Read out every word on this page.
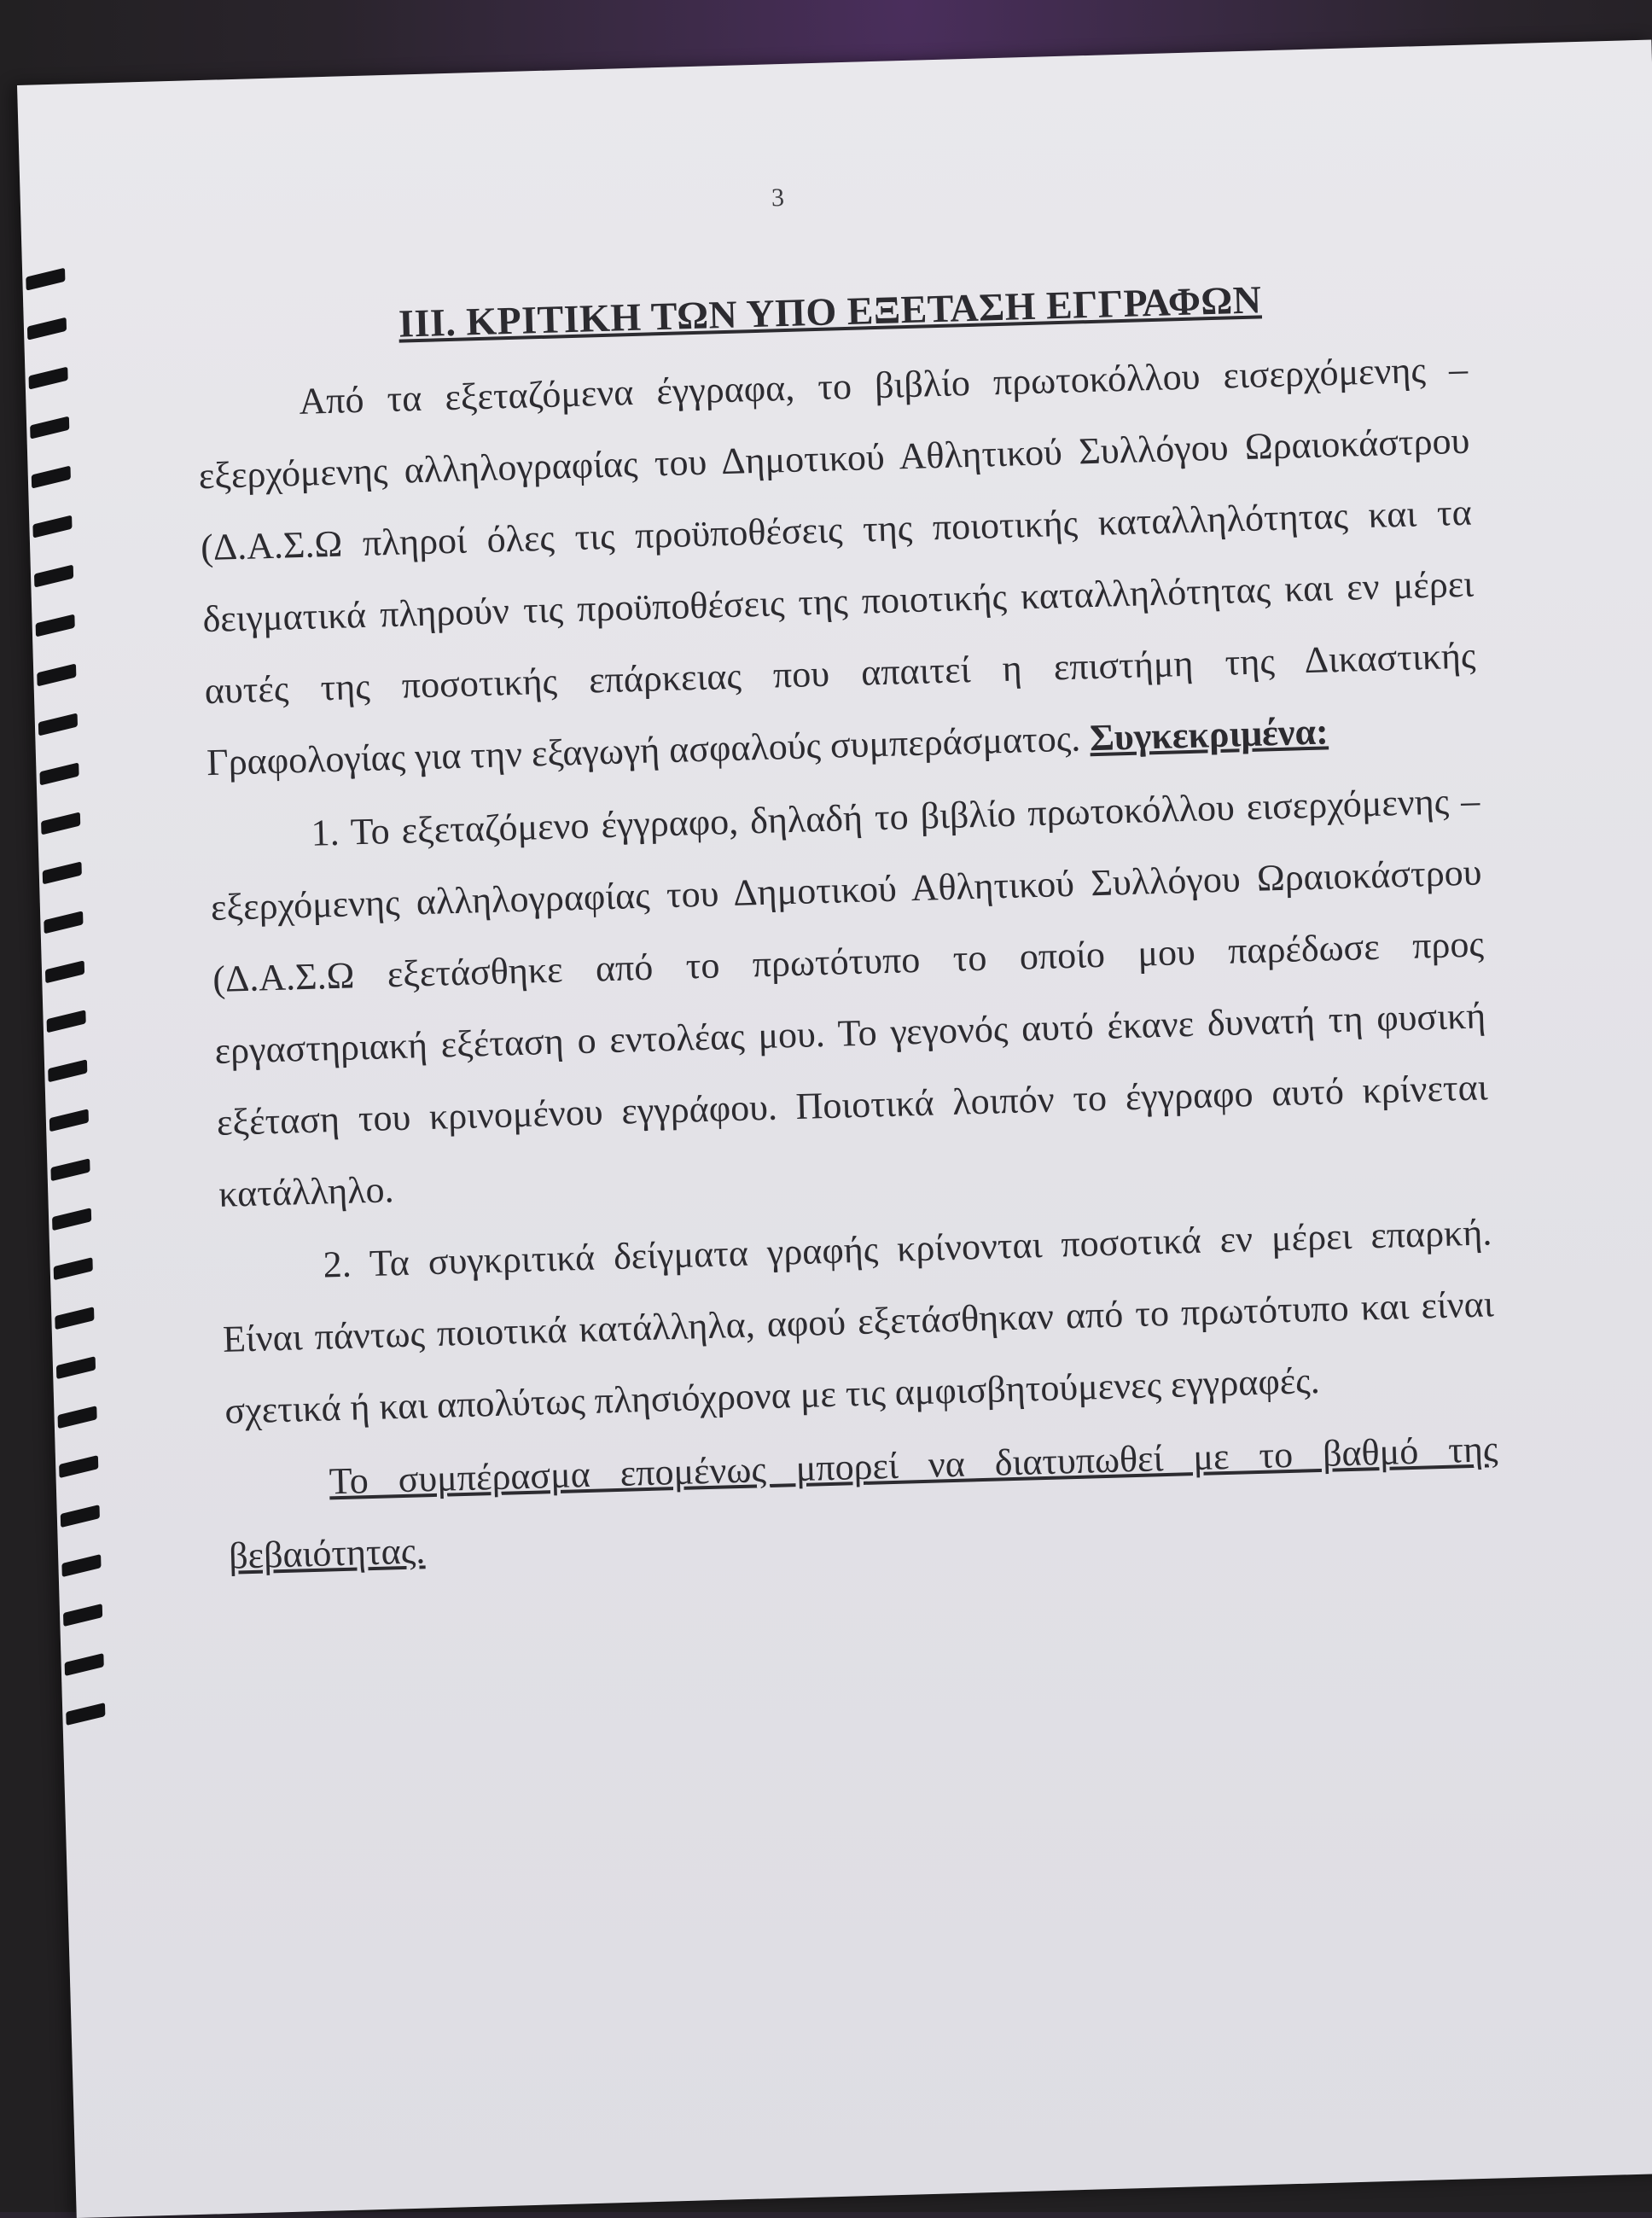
3
III. ΚΡΙΤΙΚΗ ΤΩΝ ΥΠΟ ΕΞΕΤΑΣΗ ΕΓΓΡΑΦΩΝ

Από τα εξεταζόμενα έγγραφα, το βιβλίο πρωτοκόλλου εισερχόμενης – εξερχόμενης αλληλογραφίας του Δημοτικού Αθλητικού Συλλόγου Ωραιοκάστρου (Δ.Α.Σ.Ω πληροί όλες τις προϋποθέσεις της ποιοτικής καταλληλότητας και τα δειγματικά πληρούν τις προϋποθέσεις της ποιοτικής καταλληλότητας και εν μέρει αυτές της ποσοτικής επάρκειας που απαιτεί η επιστήμη της Δικαστικής Γραφολογίας για την εξαγωγή ασφαλούς συμπεράσματος. Συγκεκριμένα:

1. Το εξεταζόμενο έγγραφο, δηλαδή το βιβλίο πρωτοκόλλου εισερχόμενης – εξερχόμενης αλληλογραφίας του Δημοτικού Αθλητικού Συλλόγου Ωραιοκάστρου (Δ.Α.Σ.Ω εξετάσθηκε από το πρωτότυπο το οποίο μου παρέδωσε προς εργαστηριακή εξέταση ο εντολέας μου. Το γεγονός αυτό έκανε δυνατή τη φυσική εξέταση του κρινομένου εγγράφου. Ποιοτικά λοιπόν το έγγραφο αυτό κρίνεται κατάλληλο.

2. Τα συγκριτικά δείγματα γραφής κρίνονται ποσοτικά εν μέρει επαρκή. Είναι πάντως ποιοτικά κατάλληλα, αφού εξετάσθηκαν από το πρωτότυπο και είναι σχετικά ή και απολύτως πλησιόχρονα με τις αμφισβητούμενες εγγραφές.

Το συμπέρασμα επομένως μπορεί να διατυπωθεί με το βαθμό της βεβαιότητας.
